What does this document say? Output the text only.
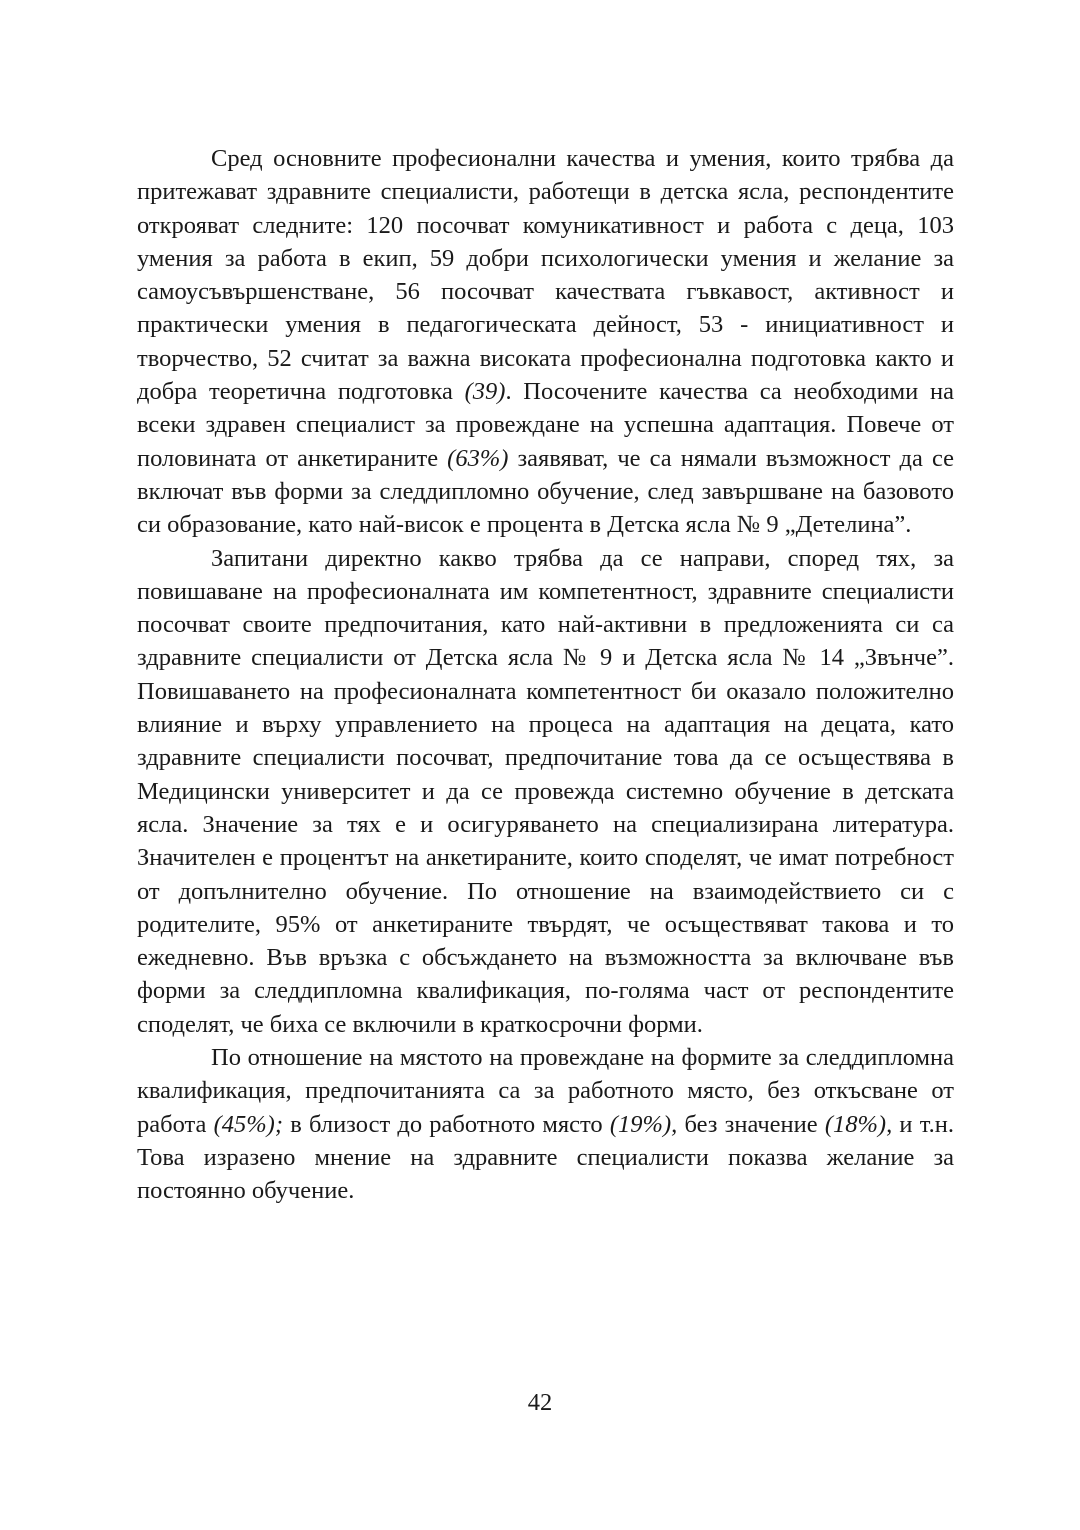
Сред основните професионални качества и умения, които трябва да притежават здравните специалисти, работещи в детска ясла, респондентите открояват следните: 120 посочват комуникативност и работа с деца, 103 умения за работа в екип, 59 добри психологически умения и желание за самоусъвършенстване, 56 посочват качествата гъвкавост, активност и практически умения в педагогическата дейност, 53 - инициативност и творчество, 52 считат за важна високата професионална подготовка както и добра теоретична подготовка (39). Посочените качества са необходими на всеки здравен специалист за провеждане на успешна адаптация. Повече от половината от анкетираните (63%) заявяват, че са нямали възможност да се включат във форми за следдипломно обучение, след завършване на базовото си образование, като най-висок е процента в Детска ясла № 9 „Детелина”.

Запитани директно какво трябва да се направи, според тях, за повишаване на професионалната им компетентност, здравните специалисти посочват своите предпочитания, като най-активни в предложенията си са здравните специалисти от Детска ясла № 9 и Детска ясла № 14 „Звънче”. Повишаването на професионалната компетентност би оказало положително влияние и върху управлението на процеса на адаптация на децата, като здравните специалисти посочват, предпочитание това да се осъществява в Медицински университет и да се провежда системно обучение в детската ясла. Значение за тях е и осигуряването на специализирана литература. Значителен е процентът на анкетираните, които споделят, че имат потребност от допълнително обучение. По отношение на взаимодействието си с родителите, 95% от анкетираните твърдят, че осъществяват такова и то ежедневно. Във връзка с обсъждането на възможността за включване във форми за следдипломна квалификация, по-голяма част от респондентите споделят, че биха се включили в краткосрочни форми.

По отношение на мястото на провеждане на формите за следдипломна квалификация, предпочитанията са за работното място, без откъсване от работа (45%); в близост до работното място (19%), без значение (18%), и т.н. Това изразено мнение на здравните специалисти показва желание за постоянно обучение.

42
